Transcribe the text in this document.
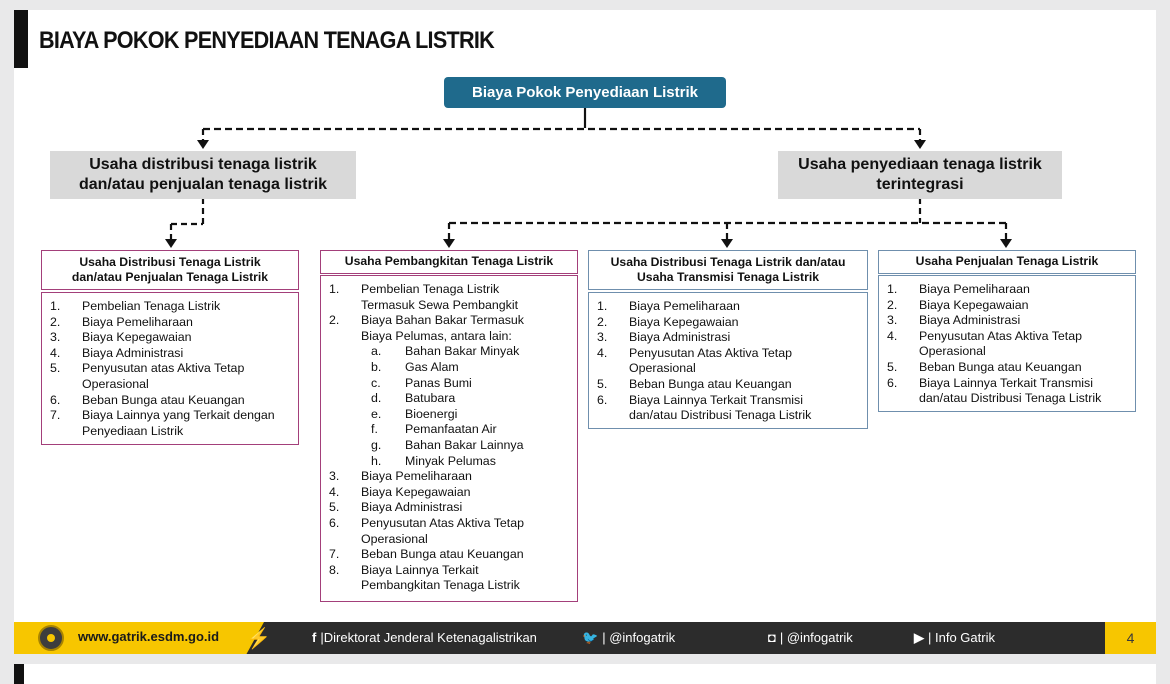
BIAYA POKOK PENYEDIAAN TENAGA LISTRIK
Biaya Pokok Penyediaan Listrik
Usaha distribusi tenaga listrik
dan/atau penjualan tenaga listrik
Usaha penyediaan tenaga listrik
terintegrasi
Usaha Distribusi Tenaga Listrik
dan/atau Penjualan Tenaga Listrik
1.	Pembelian Tenaga Listrik
2.	Biaya Pemeliharaan
3.	Biaya Kepegawaian
4.	Biaya Administrasi
5.	Penyusutan atas Aktiva Tetap
Operasional
6.	Beban Bunga atau Keuangan
7.	Biaya Lainnya yang Terkait dengan
Penyediaan Listrik
Usaha Pembangkitan Tenaga Listrik
1.	Pembelian Tenaga Listrik
Termasuk Sewa Pembangkit
2.	Biaya Bahan Bakar Termasuk
Biaya Pelumas, antara lain:
a.	Bahan Bakar Minyak
b.	Gas Alam
c.	Panas Bumi
d.	Batubara
e.	Bioenergi
f.	Pemanfaatan Air
g.	Bahan Bakar Lainnya
h.	Minyak Pelumas
3.	Biaya Pemeliharaan
4.	Biaya Kepegawaian
5.	Biaya Administrasi
6.	Penyusutan Atas Aktiva Tetap
Operasional
7.	Beban Bunga atau Keuangan
8.	Biaya Lainnya Terkait
Pembangkitan Tenaga Listrik
Usaha Distribusi Tenaga Listrik dan/atau
Usaha Transmisi Tenaga Listrik
1.	Biaya Pemeliharaan
2.	Biaya Kepegawaian
3.	Biaya Administrasi
4.	Penyusutan Atas Aktiva Tetap
Operasional
5.	Beban Bunga atau Keuangan
6.	Biaya Lainnya Terkait Transmisi
dan/atau Distribusi Tenaga Listrik
Usaha Penjualan Tenaga Listrik
1.	Biaya Pemeliharaan
2.	Biaya Kepegawaian
3.	Biaya Administrasi
4.	Penyusutan Atas Aktiva Tetap
Operasional
5.	Beban Bunga atau Keuangan
6.	Biaya Lainnya Terkait Transmisi
dan/atau Distribusi Tenaga Listrik
www.gatrik.esdm.go.id ⚡	f |Direktorat Jenderal Ketenagalistrikan	🐦 | @infogatrik	◘ | @infogatrik	▶ | Info Gatrik	4
